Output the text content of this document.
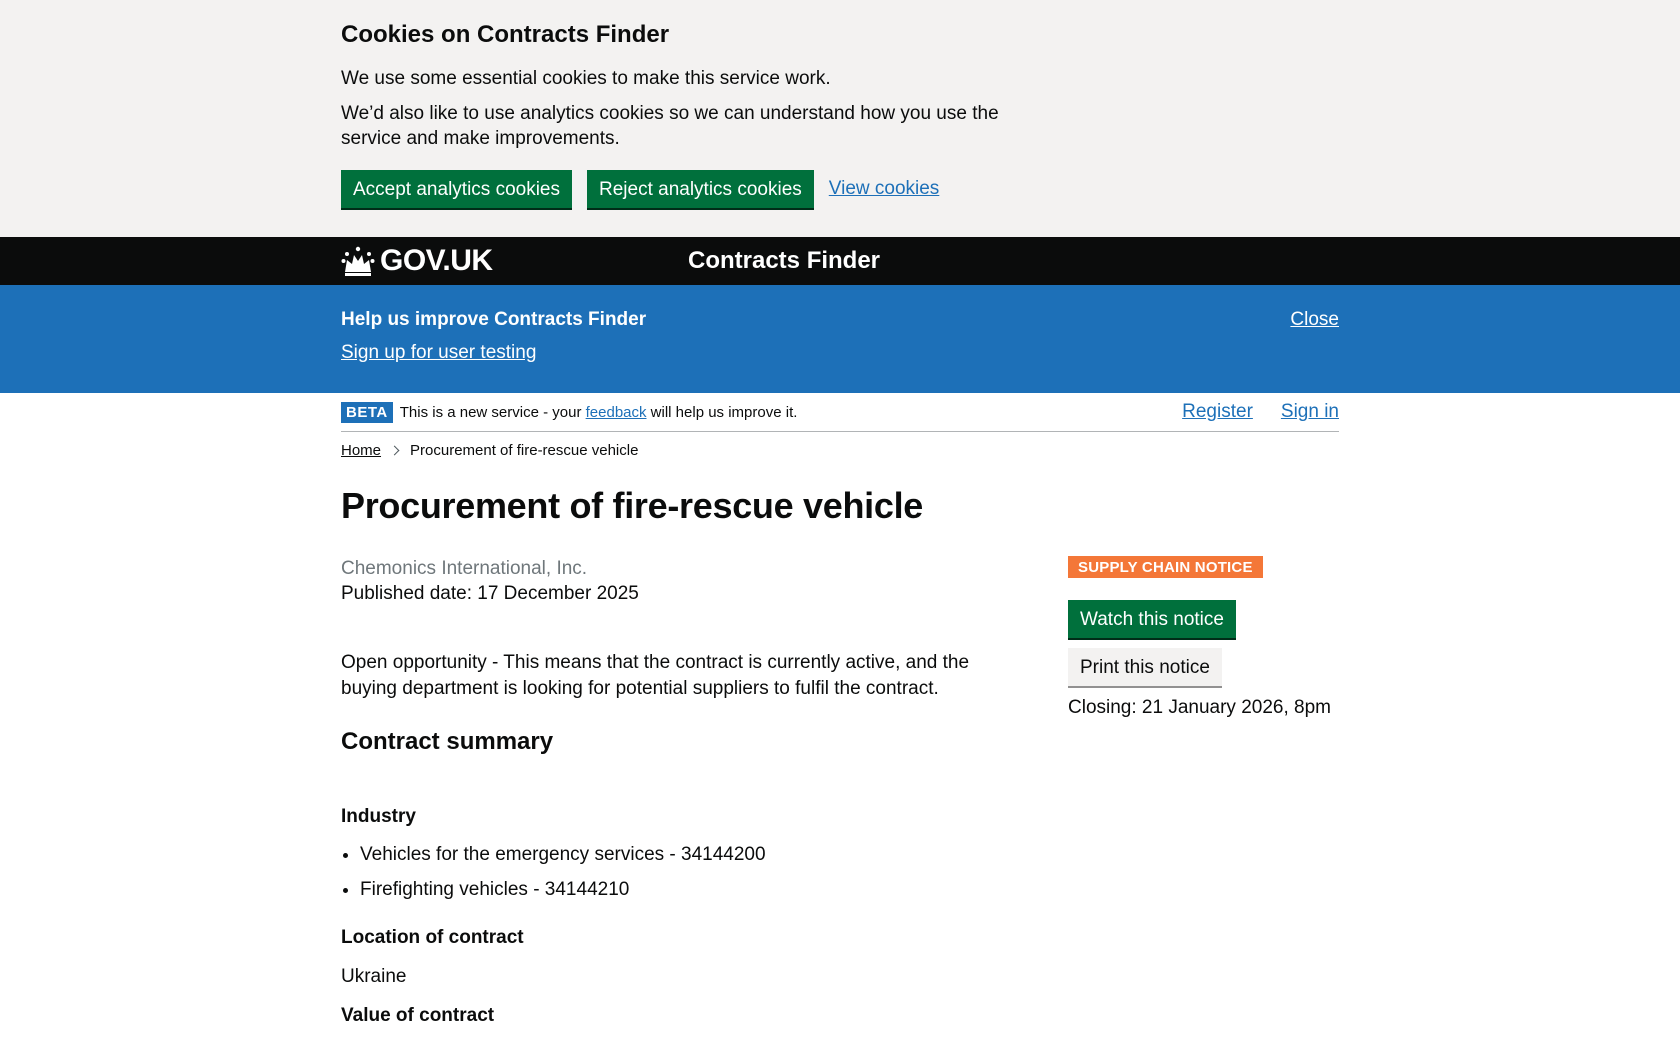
Cookies on Contracts Finder

We use some essential cookies to make this service work.

We’d also like to use analytics cookies so we can understand how you use the service and make improvements.

Accept analytics cookies	Reject analytics cookies	View cookies
GOV.UK	Contracts Finder
Help us improve Contracts Finder
Sign up for user testing
Close
BETA This is a new service - your feedback will help us improve it.	Register Sign in
Home Procurement of fire-rescue vehicle
Procurement of fire-rescue vehicle
Chemonics International, Inc.
Published date: 17 December 2025

Open opportunity - This means that the contract is currently active, and the buying department is looking for potential suppliers to fulfil the contract.

Contract summary
Industry
• Vehicles for the emergency services - 34144200
• Firefighting vehicles - 34144210
Location of contract

Ukraine

Value of contract
SUPPLY CHAIN NOTICE
Watch this notice
Print this notice
Closing: 21 January 2026, 8pm
